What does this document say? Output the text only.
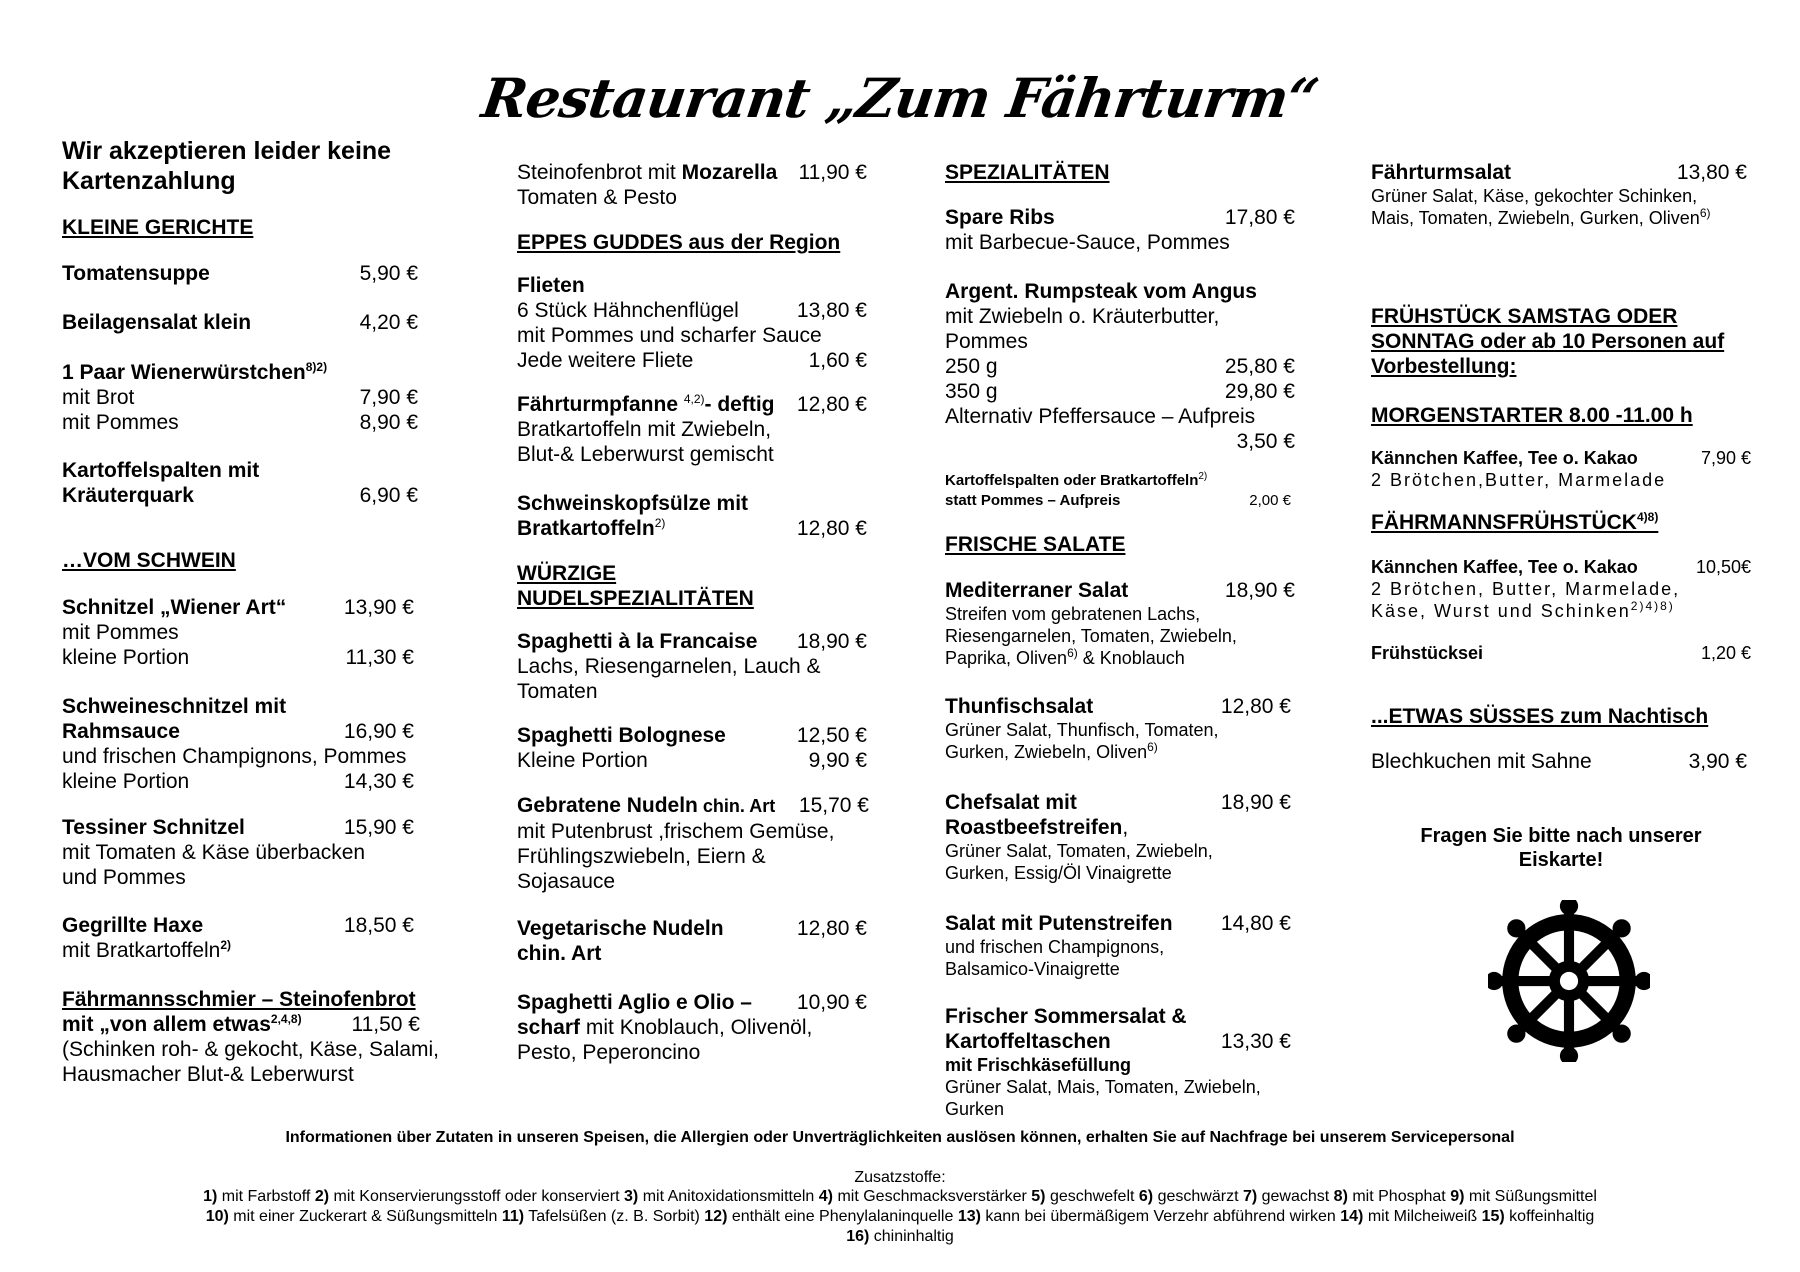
Restaurant „Zum Fährturm“
Wir akzeptieren leider keine
Kartenzahlung
KLEINE GERICHTE
Tomatensuppe	5,90 €
Beilagensalat klein	4,20 €
1 Paar Wienerwürstchen$^{8)2)}$
mit Brot	7,90 €
mit Pommes	8,90 €
Kartoffelspalten mit
Kräuterquark	6,90 €
…VOM SCHWEIN
Schnitzel „Wiener Art“	13,90 €
mit Pommes
kleine Portion	11,30 €
Schweineschnitzel mit
Rahmsauce	16,90 €
und frischen Champignons, Pommes
kleine Portion	14,30 €
Tessiner Schnitzel	15,90 €
mit Tomaten & Käse überbacken
und Pommes
Gegrillte Haxe	18,50 €
mit Bratkartoffeln$^{2)}$
Fährmannsschmier – Steinofenbrot
mit „von allem etwas$^{2,4,8)}$ 11,50 €
(Schinken roh- & gekocht, Käse, Salami,
Hausmacher Blut-& Leberwurst
Steinofenbrot mit Mozarella 11,90 €
Tomaten & Pesto
EPPES GUDDES aus der Region
Flieten
6 Stück Hähnchenflügel	13,80 €
mit Pommes und scharfer Sauce
Jede weitere Fliete	1,60 €
Fährturmpfanne $^{4,2)}$- deftig 12,80 €
Bratkartoffeln mit Zwiebeln,
Blut-& Leberwurst gemischt
Schweinskopfsülze mit
Bratkartoffeln$^{2)}$	12,80 €
WÜRZIGE
NUDELSPEZIALITÄTEN
Spaghetti à la Francaise 18,90 €
Lachs, Riesengarnelen, Lauch &
Tomaten
Spaghetti Bolognese	12,50 €
Kleine Portion	9,90 €
Gebratene Nudeln chin. Art 15,70 €
mit Putenbrust ,frischem Gemüse,
Frühlingszwiebeln, Eiern &
Sojasauce
Vegetarische Nudeln	12,80 €
chin. Art
Spaghetti Aglio e Olio – 10,90 €
scharf mit Knoblauch, Olivenöl,
Pesto, Peperoncino
SPEZIALITÄTEN
Spare Ribs	17,80 €
mit Barbecue-Sauce, Pommes
Argent. Rumpsteak vom Angus
mit Zwiebeln o. Kräuterbutter,
Pommes
250 g	25,80 €
350 g	29,80 €
Alternativ Pfeffersauce – Aufpreis
3,50 €
Kartoffelspalten oder Bratkartoffeln$^{2)}$
statt Pommes – Aufpreis	2,00 €
FRISCHE SALATE
Mediterraner Salat	18,90 €
Streifen vom gebratenen Lachs,
Riesengarnelen, Tomaten, Zwiebeln,
Paprika, Oliven$^{6)}$ & Knoblauch
Thunfischsalat	12,80 €
Grüner Salat, Thunfisch, Tomaten,
Gurken, Zwiebeln, Oliven$^{6)}$
Chefsalat mit	18,90 €
Roastbeefstreifen,
Grüner Salat, Tomaten, Zwiebeln,
Gurken, Essig/Öl Vinaigrette
Salat mit Putenstreifen 14,80 €
und frischen Champignons,
Balsamico-Vinaigrette
Frischer Sommersalat &
Kartoffeltaschen	13,30 €
mit Frischkäsefüllung
Grüner Salat, Mais, Tomaten, Zwiebeln,
Gurken
Fährturmsalat	13,80 €
Grüner Salat, Käse, gekochter Schinken,
Mais, Tomaten, Zwiebeln, Gurken, Oliven$^{6)}$
FRÜHSTÜCK SAMSTAG ODER
SONNTAG oder ab 10 Personen auf
Vorbestellung:
MORGENSTARTER 8.00 -11.00 h
Kännchen Kaffee, Tee o. Kakao	7,90 €
2 Brötchen,Butter, Marmelade
$FÄHRMANNSFRÜHSTÜCK^{4)8)}$
Kännchen Kaffee, Tee o. Kakao	10,50€
2 Brötchen, Butter, Marmelade,
Käse, Wurst und Schinken$^{2)4)8)}$
Frühstücksei	1,20 €
...ETWAS SÜSSES zum Nachtisch
Blechkuchen mit Sahne	3,90 €
Fragen Sie bitte nach unserer
Eiskarte!
Informationen über Zutaten in unseren Speisen, die Allergien oder Unverträglichkeiten auslösen können, erhalten Sie auf Nachfrage bei unserem Servicepersonal
Zusatzstoffe:
1) mit Farbstoff 2) mit Konservierungsstoff oder konserviert 3) mit Anitoxidationsmitteln 4) mit Geschmacksverstärker 5) geschwefelt 6) geschwärzt 7) gewachst 8) mit Phosphat 9) mit Süßungsmittel
10) mit einer Zuckerart & Süßungsmitteln 11) Tafelsüßen (z. B. Sorbit) 12) enthält eine Phenylalaninquelle 13) kann bei übermäßigem Verzehr abführend wirken 14) mit Milcheiweiß 15) koffeinhaltig
16) chininhaltig
